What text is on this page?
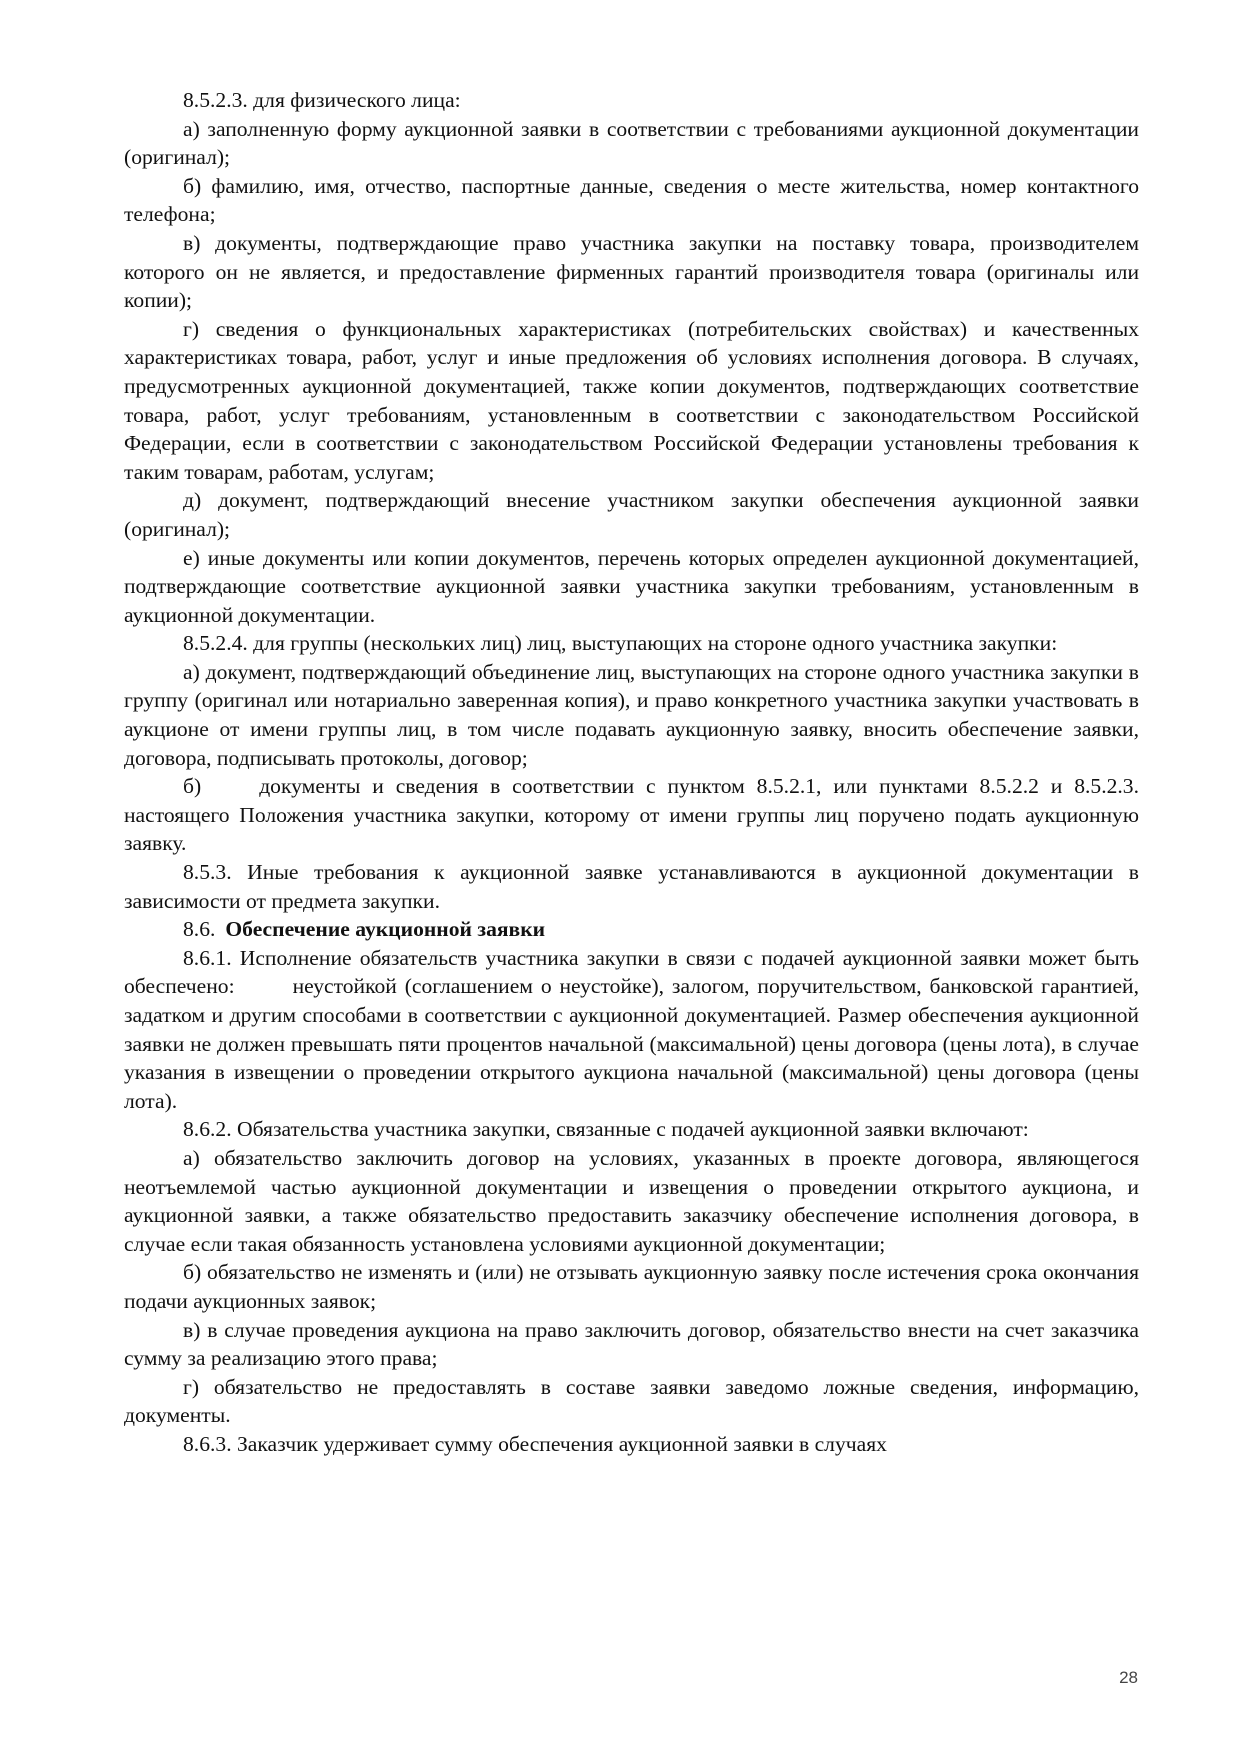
8.5.2.3. для физического лица:

а) заполненную форму аукционной заявки в соответствии с требованиями аукционной документации (оригинал);

б) фамилию, имя, отчество, паспортные данные, сведения о месте жительства, номер контактного телефона;

в) документы, подтверждающие право участника закупки на поставку товара, производителем которого он не является, и предоставление фирменных гарантий производителя товара (оригиналы или копии);

г) сведения о функциональных характеристиках (потребительских свойствах) и качественных характеристиках товара, работ, услуг и иные предложения об условиях исполнения договора. В случаях, предусмотренных аукционной документацией, также копии документов, подтверждающих соответствие товара, работ, услуг требованиям, установленным в соответствии с законодательством Российской Федерации, если в соответствии с законодательством Российской Федерации установлены требования к таким товарам, работам, услугам;

д) документ, подтверждающий внесение участником закупки обеспечения аукционной заявки (оригинал);

е) иные документы или копии документов, перечень которых определен аукционной документацией, подтверждающие соответствие аукционной заявки участника закупки требованиям, установленным в аукционной документации.

8.5.2.4. для группы (нескольких лиц) лиц, выступающих на стороне одного участника закупки:

а) документ, подтверждающий объединение лиц, выступающих на стороне одного участника закупки в группу (оригинал или нотариально заверенная копия), и право конкретного участника закупки участвовать в аукционе от имени группы лиц, в том числе подавать аукционную заявку, вносить обеспечение заявки, договора, подписывать протоколы, договор;

б)	документы и сведения в соответствии с пунктом 8.5.2.1, или пунктами 8.5.2.2 и 8.5.2.3. настоящего Положения участника закупки, которому от имени группы лиц поручено подать аукционную заявку.

8.5.3. Иные требования к аукционной заявке устанавливаются в аукционной документации в зависимости от предмета закупки.

8.6. Обеспечение аукционной заявки

8.6.1. Исполнение обязательств участника закупки в связи с подачей аукционной заявки может быть обеспечено:	неустойкой (соглашением о неустойке), залогом, поручительством, банковской гарантией, задатком и другим способами в соответствии с аукционной документацией. Размер обеспечения аукционной заявки не должен превышать пяти процентов начальной (максимальной) цены договора (цены лота), в случае указания в извещении о проведении открытого аукциона начальной (максимальной) цены договора (цены лота).

8.6.2. Обязательства участника закупки, связанные с подачей аукционной заявки включают:

а) обязательство заключить договор на условиях, указанных в проекте договора, являющегося неотъемлемой частью аукционной документации и извещения о проведении открытого аукциона, и аукционной заявки, а также обязательство предоставить заказчику обеспечение исполнения договора, в случае если такая обязанность установлена условиями аукционной документации;

б) обязательство не изменять и (или) не отзывать аукционную заявку после истечения срока окончания подачи аукционных заявок;

в) в случае проведения аукциона на право заключить договор, обязательство внести на счет заказчика сумму за реализацию этого права;

г) обязательство не предоставлять в составе заявки заведомо ложные сведения, информацию, документы.

8.6.3. Заказчик удерживает сумму обеспечения аукционной заявки в случаях

28
